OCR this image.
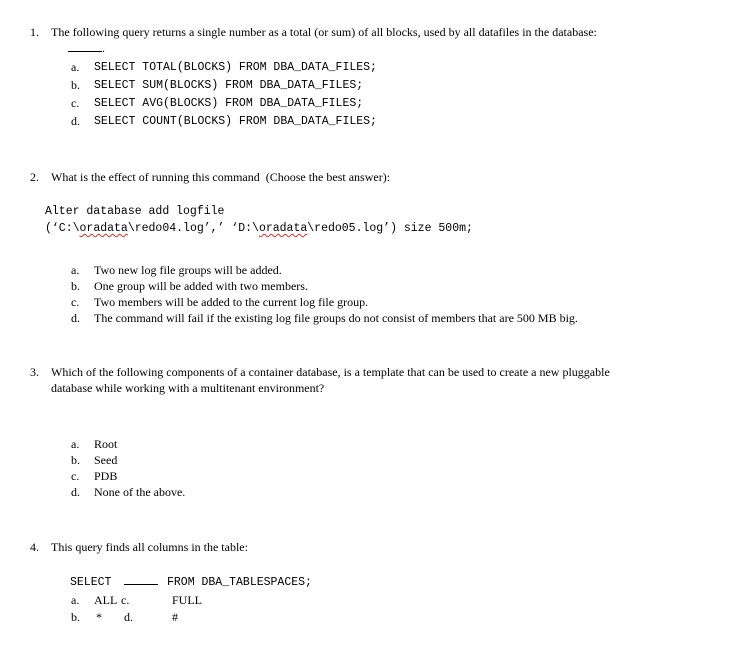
1. The following query returns a single number as a total (or sum) of all blocks, used by all datafiles in the database:
.
a. SELECT TOTAL(BLOCKS) FROM DBA_DATA_FILES;
b. SELECT SUM(BLOCKS) FROM DBA_DATA_FILES;
c. SELECT AVG(BLOCKS) FROM DBA_DATA_FILES;
d. SELECT COUNT(BLOCKS) FROM DBA_DATA_FILES;
2. What is the effect of running this command  (Choose the best answer):
Alter database add logfile
(‘C:\oradata\redo04.log’,’ ‘D:\oradata\redo05.log’) size 500m;
a. Two new log file groups will be added.
b. One group will be added with two members.
c. Two members will be added to the current log file group.
d. The command will fail if the existing log file groups do not consist of members that are 500 MB big.
3. Which of the following components of a container database, is a template that can be used to create a new pluggable
database while working with a multitenant environment?
a. Root
b. Seed
c. PDB
d. None of the above.
4. This query finds all columns in the table:
SELECT	FROM DBA_TABLESPACES;
a. ALL c.	FULL
b. * d.	#
